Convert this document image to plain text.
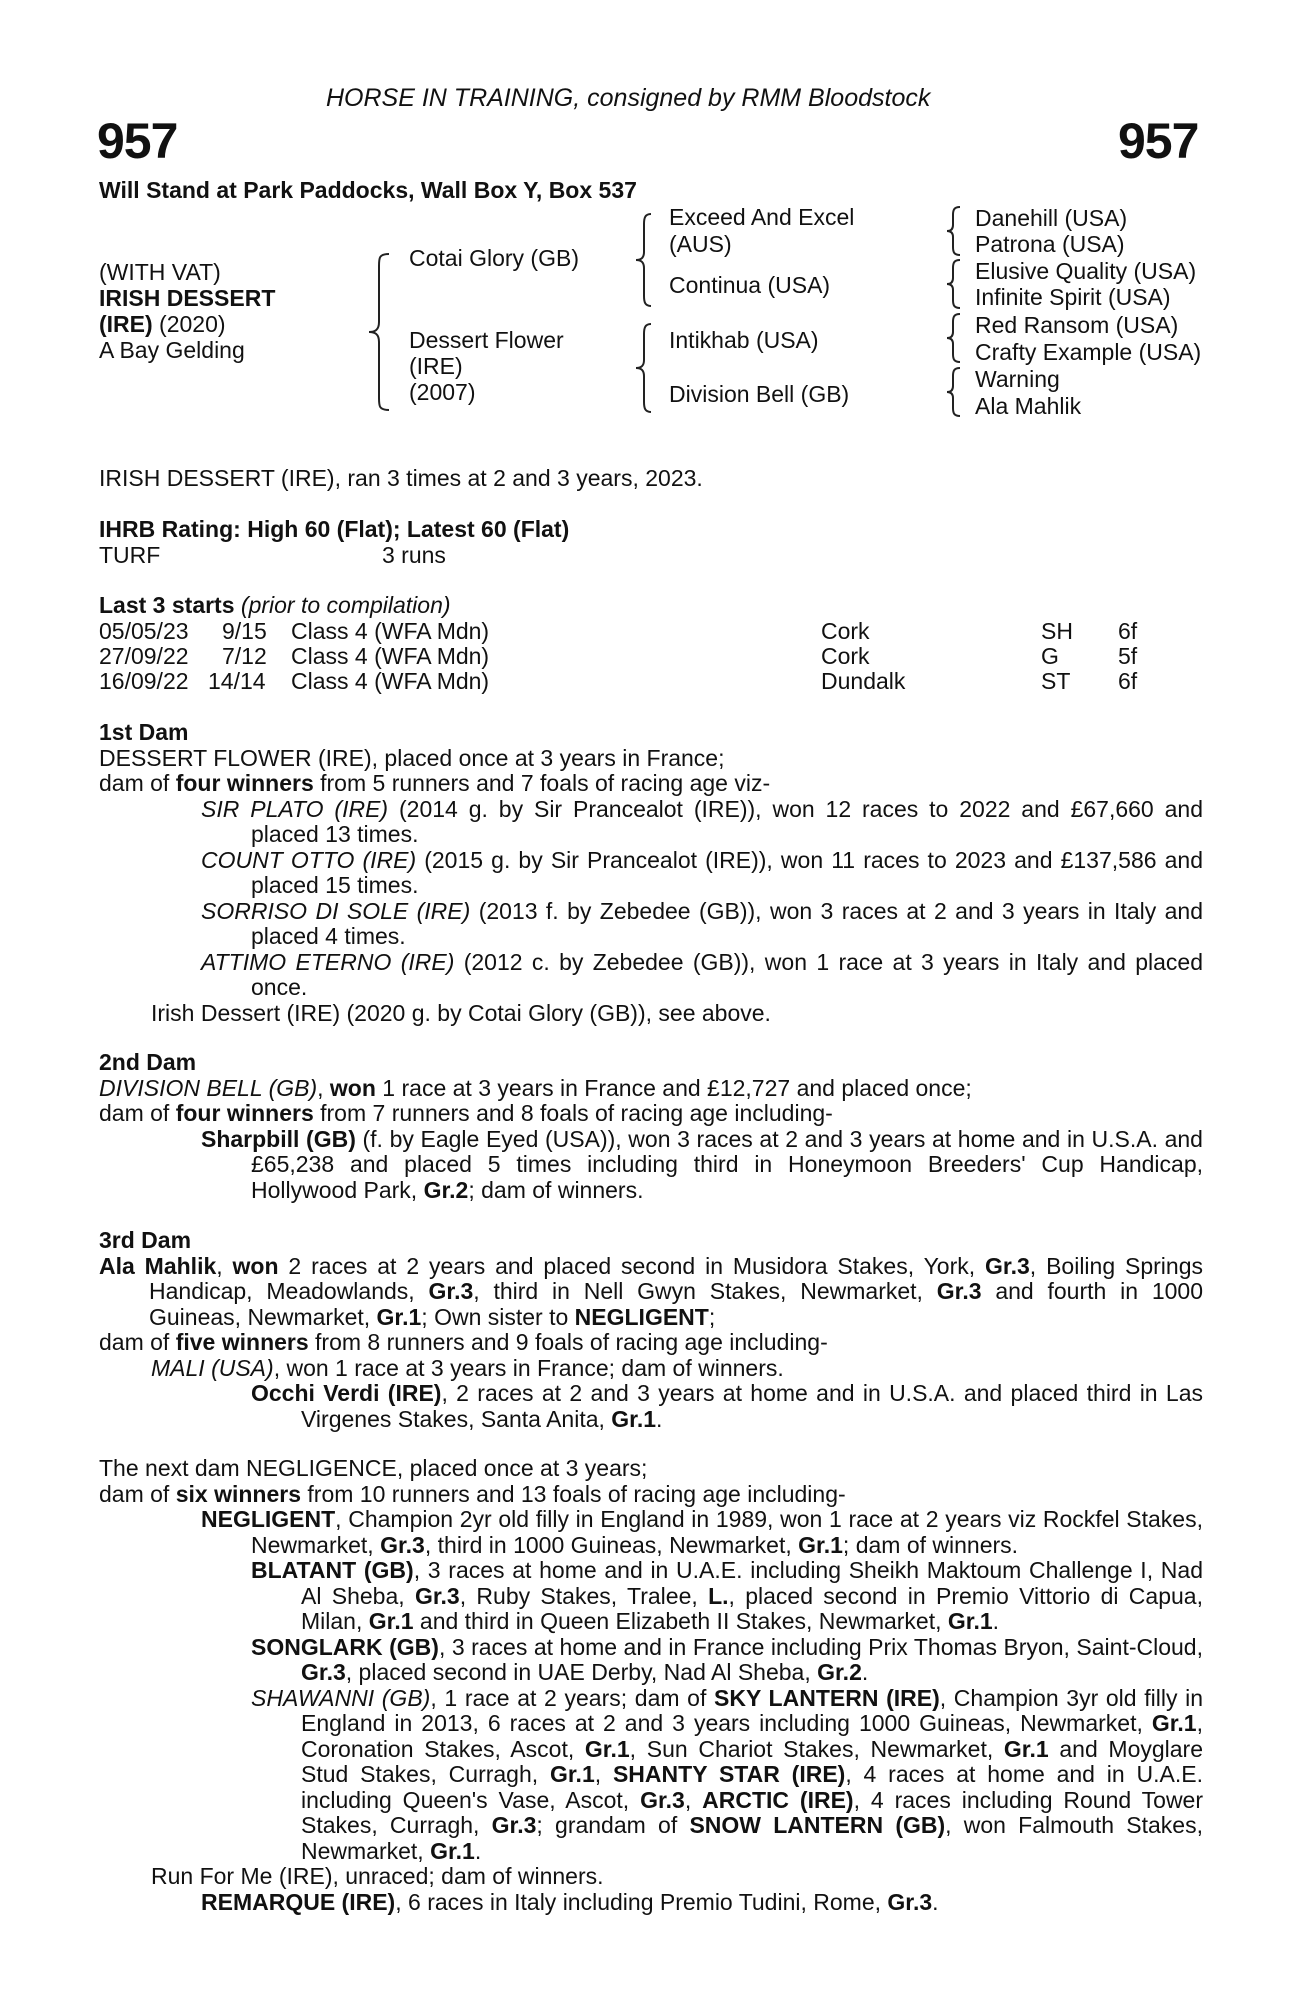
HORSE IN TRAINING, consigned by RMM Bloodstock
957	957
Will Stand at Park Paddocks, Wall Box Y, Box 537
(WITH VAT)
IRISH DESSERT
(IRE) (2020)
A Bay Gelding
Cotai Glory (GB)
Dessert Flower
(IRE)
(2007)
Exceed And Excel
(AUS)
Continua (USA)
Intikhab (USA)
Division Bell (GB)
Danehill (USA)
Patrona (USA)
Elusive Quality (USA)
Infinite Spirit (USA)
Red Ransom (USA)
Crafty Example (USA)
Warning
Ala Mahlik
IRISH DESSERT (IRE), ran 3 times at 2 and 3 years, 2023.
IHRB Rating: High 60 (Flat); Latest 60 (Flat)
TURF	3 runs
Last 3 starts (prior to compilation)
05/05/23 9/15 Class 4 (WFA Mdn)	Cork	SH 6f
27/09/22 7/12 Class 4 (WFA Mdn)	Cork	G	5f
16/09/22 14/14 Class 4 (WFA Mdn)	Dundalk	ST 6f

1st Dam

DESSERT FLOWER (IRE), placed once at 3 years in France;

dam of four winners from 5 runners and 7 foals of racing age viz-

SIR PLATO (IRE) (2014 g. by Sir Prancealot (IRE)), won 12 races to 2022 and £67,660 and placed 13 times.

COUNT OTTO (IRE) (2015 g. by Sir Prancealot (IRE)), won 11 races to 2023 and £137,586 and placed 15 times.

SORRISO DI SOLE (IRE) (2013 f. by Zebedee (GB)), won 3 races at 2 and 3 years in Italy and placed 4 times.

ATTIMO ETERNO (IRE) (2012 c. by Zebedee (GB)), won 1 race at 3 years in Italy and placed once.

Irish Dessert (IRE) (2020 g. by Cotai Glory (GB)), see above.

2nd Dam

DIVISION BELL (GB), won 1 race at 3 years in France and £12,727 and placed once;

dam of four winners from 7 runners and 8 foals of racing age including-

Sharpbill (GB) (f. by Eagle Eyed (USA)), won 3 races at 2 and 3 years at home and in U.S.A. and £65,238 and placed 5 times including third in Honeymoon Breeders' Cup Handicap, Hollywood Park, Gr.2; dam of winners.

3rd Dam

Ala Mahlik, won 2 races at 2 years and placed second in Musidora Stakes, York, Gr.3, Boiling Springs Handicap, Meadowlands, Gr.3, third in Nell Gwyn Stakes, Newmarket, Gr.3 and fourth in 1000 Guineas, Newmarket, Gr.1; Own sister to NEGLIGENT;

dam of five winners from 8 runners and 9 foals of racing age including-

MALI (USA), won 1 race at 3 years in France; dam of winners.

Occhi Verdi (IRE), 2 races at 2 and 3 years at home and in U.S.A. and placed third in Las Virgenes Stakes, Santa Anita, Gr.1.

The next dam NEGLIGENCE, placed once at 3 years;

dam of six winners from 10 runners and 13 foals of racing age including-

NEGLIGENT, Champion 2yr old filly in England in 1989, won 1 race at 2 years viz Rockfel Stakes, Newmarket, Gr.3, third in 1000 Guineas, Newmarket, Gr.1; dam of winners.

BLATANT (GB), 3 races at home and in U.A.E. including Sheikh Maktoum Challenge I, Nad Al Sheba, Gr.3, Ruby Stakes, Tralee, L., placed second in Premio Vittorio di Capua, Milan, Gr.1 and third in Queen Elizabeth II Stakes, Newmarket, Gr.1.

SONGLARK (GB), 3 races at home and in France including Prix Thomas Bryon, Saint-Cloud, Gr.3, placed second in UAE Derby, Nad Al Sheba, Gr.2.

SHAWANNI (GB), 1 race at 2 years; dam of SKY LANTERN (IRE), Champion 3yr old filly in England in 2013, 6 races at 2 and 3 years including 1000 Guineas, Newmarket, Gr.1, Coronation Stakes, Ascot, Gr.1, Sun Chariot Stakes, Newmarket, Gr.1 and Moyglare Stud Stakes, Curragh, Gr.1, SHANTY STAR (IRE), 4 races at home and in U.A.E. including Queen's Vase, Ascot, Gr.3, ARCTIC (IRE), 4 races including Round Tower Stakes, Curragh, Gr.3; grandam of SNOW LANTERN (GB), won Falmouth Stakes, Newmarket, Gr.1.

Run For Me (IRE), unraced; dam of winners.

REMARQUE (IRE), 6 races in Italy including Premio Tudini, Rome, Gr.3.
